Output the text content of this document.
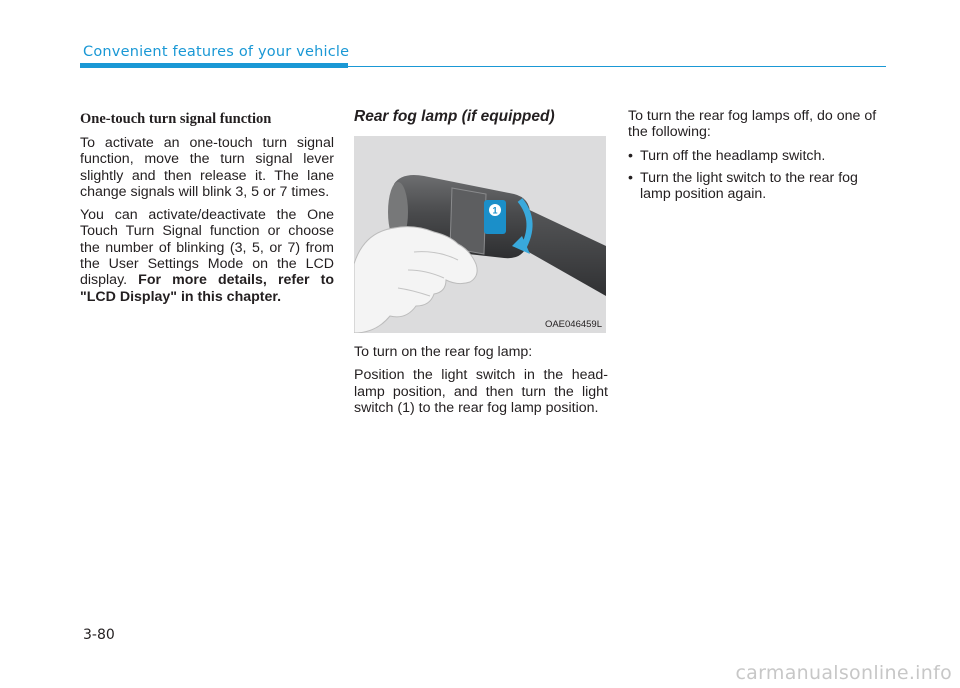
Convenient features of your vehicle
One-touch turn signal function

To activate an one-touch turn signal function, move the turn signal lever slightly and then release it. The lane change signals will blink 3, 5 or 7 times.

You can activate/deactivate the One Touch Turn Signal function or choose the number of blinking (3, 5, or 7) from the User Settings Mode on the LCD display. For more details, refer to "LCD Display" in this chapter.

Rear fog lamp (if equipped)
1
OAE046459L

To turn on the rear fog lamp:

Position the light switch in the head-lamp position, and then turn the light switch (1) to the rear fog lamp position.

To turn the rear fog lamps off, do one of the following:

• Turn off the headlamp switch.
• Turn the light switch to the rear fog lamp position again.
3-80
carmanualsonline.info
